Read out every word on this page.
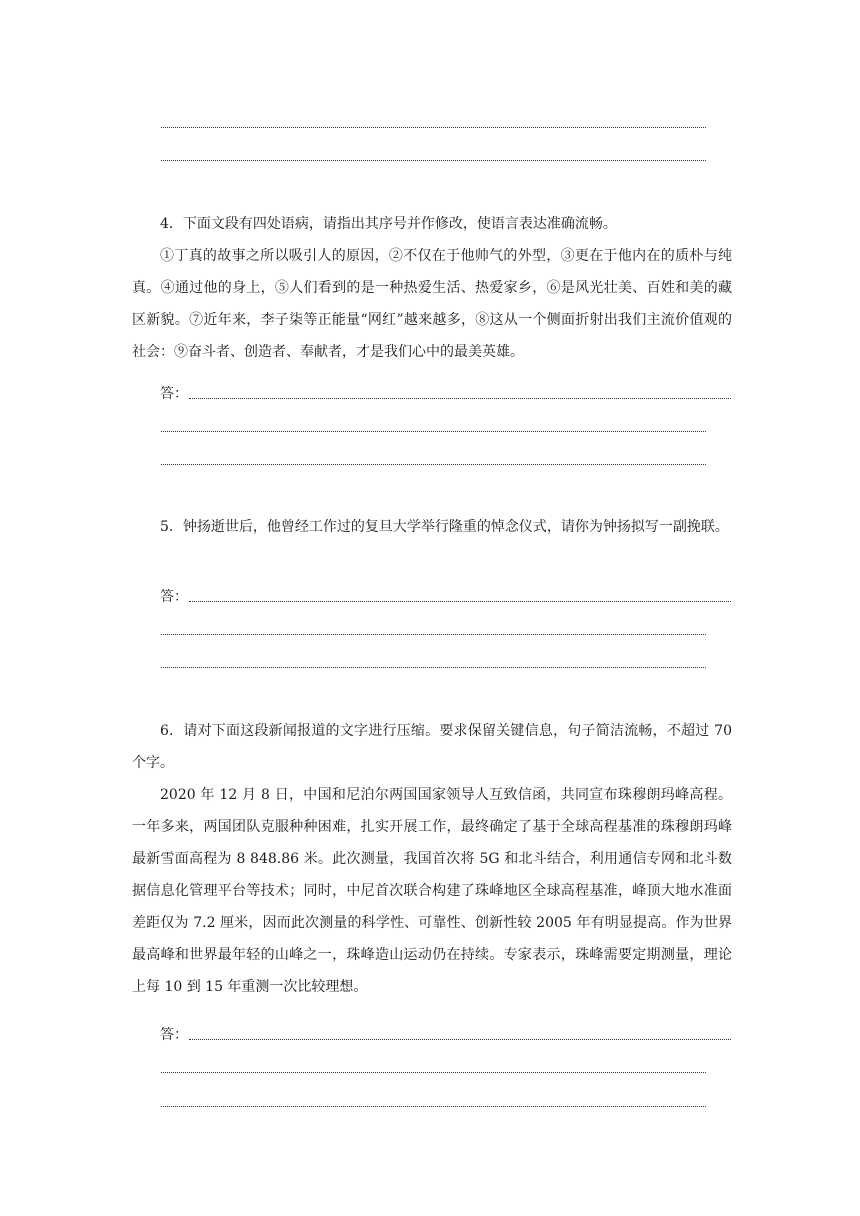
4．下面文段有四处语病，请指出其序号并作修改，使语言表达准确流畅。

①丁真的故事之所以吸引人的原因，②不仅在于他帅气的外型，③更在于他内在的质朴与纯真。④通过他的身上，⑤人们看到的是一种热爱生活、热爱家乡，⑥是风光壮美、百姓和美的藏区新貌。⑦近年来，李子柒等正能量“网红”越来越多，⑧这从一个侧面折射出我们主流价值观的社会：⑨奋斗者、创造者、奉献者，才是我们心中的最美英雄。

答：

5．钟扬逝世后，他曾经工作过的复旦大学举行隆重的悼念仪式，请你为钟扬拟写一副挽联。

答：

6．请对下面这段新闻报道的文字进行压缩。要求保留关键信息，句子简洁流畅，不超过 70 个字。

2020 年 12 月 8 日，中国和尼泊尔两国国家领导人互致信函，共同宣布珠穆朗玛峰高程。一年多来，两国团队克服种种困难，扎实开展工作，最终确定了基于全球高程基准的珠穆朗玛峰最新雪面高程为 8 848.86 米。此次测量，我国首次将 5G 和北斗结合，利用通信专网和北斗数据信息化管理平台等技术；同时，中尼首次联合构建了珠峰地区全球高程基准，峰顶大地水准面差距仅为 7.2 厘米，因而此次测量的科学性、可靠性、创新性较 2005 年有明显提高。作为世界最高峰和世界最年轻的山峰之一，珠峰造山运动仍在持续。专家表示，珠峰需要定期测量，理论上每 10 到 15 年重测一次比较理想。

答：
